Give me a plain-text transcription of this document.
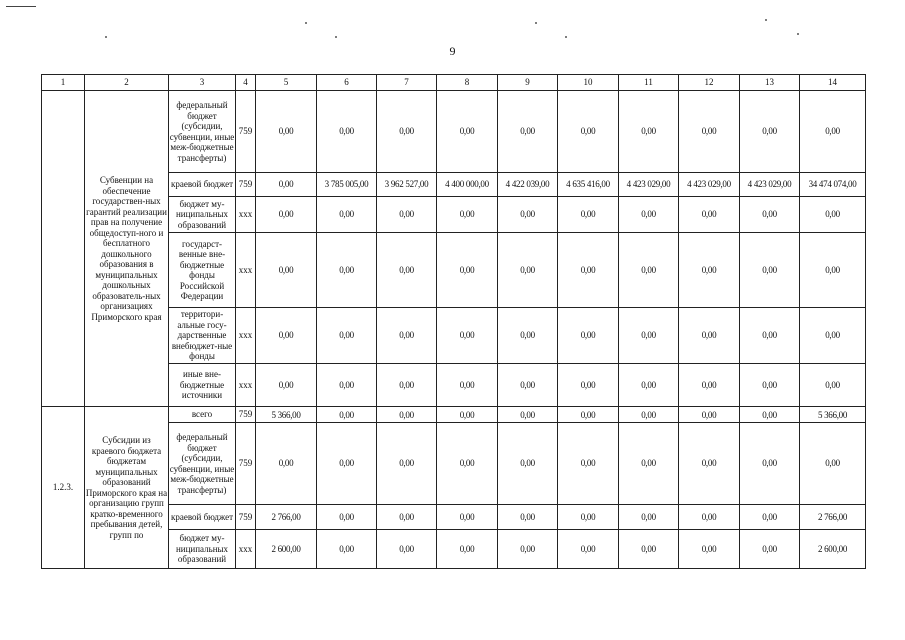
9
1	2	3	4	5	6	7	8	9	10	11	12	13	14
	Субвенции на обеспечение государствен-ных гарантий реализации прав на получение общедоступ-ного и бесплатного дошкольного образования в муниципальных дошкольных образователь-ных организациях Приморского края	федеральный бюджет (субсидии, субвенции, иные меж-бюджетные трансферты)	759	0,00	0,00	0,00	0,00	0,00	0,00	0,00	0,00	0,00	0,00
		краевой бюджет	759	0,00	3 785 005,00	3 962 527,00	4 400 000,00	4 422 039,00	4 635 416,00	4 423 029,00	4 423 029,00	4 423 029,00	34 474 074,00
		бюджет му-ниципальных образований	xxx	0,00	0,00	0,00	0,00	0,00	0,00	0,00	0,00	0,00	0,00
		государст-венные вне-бюджетные фонды Российской Федерации	xxx	0,00	0,00	0,00	0,00	0,00	0,00	0,00	0,00	0,00	0,00
		территори-альные госу-дарственные внебюджет-ные фонды	xxx	0,00	0,00	0,00	0,00	0,00	0,00	0,00	0,00	0,00	0,00
		иные вне-бюджетные источники	xxx	0,00	0,00	0,00	0,00	0,00	0,00	0,00	0,00	0,00	0,00
1.2.3.	Субсидии из краевого бюджета бюджетам муниципальных образований Приморского края на организацию групп кратко-временного пребывания детей, групп по	всего	759	5 366,00	0,00	0,00	0,00	0,00	0,00	0,00	0,00	0,00	5 366,00
		федеральный бюджет (субсидии, субвенции, иные меж-бюджетные трансферты)	759	0,00	0,00	0,00	0,00	0,00	0,00	0,00	0,00	0,00	0,00
		краевой бюджет	759	2 766,00	0,00	0,00	0,00	0,00	0,00	0,00	0,00	0,00	2 766,00
		бюджет му-ниципальных образований	xxx	2 600,00	0,00	0,00	0,00	0,00	0,00	0,00	0,00	0,00	2 600,00
